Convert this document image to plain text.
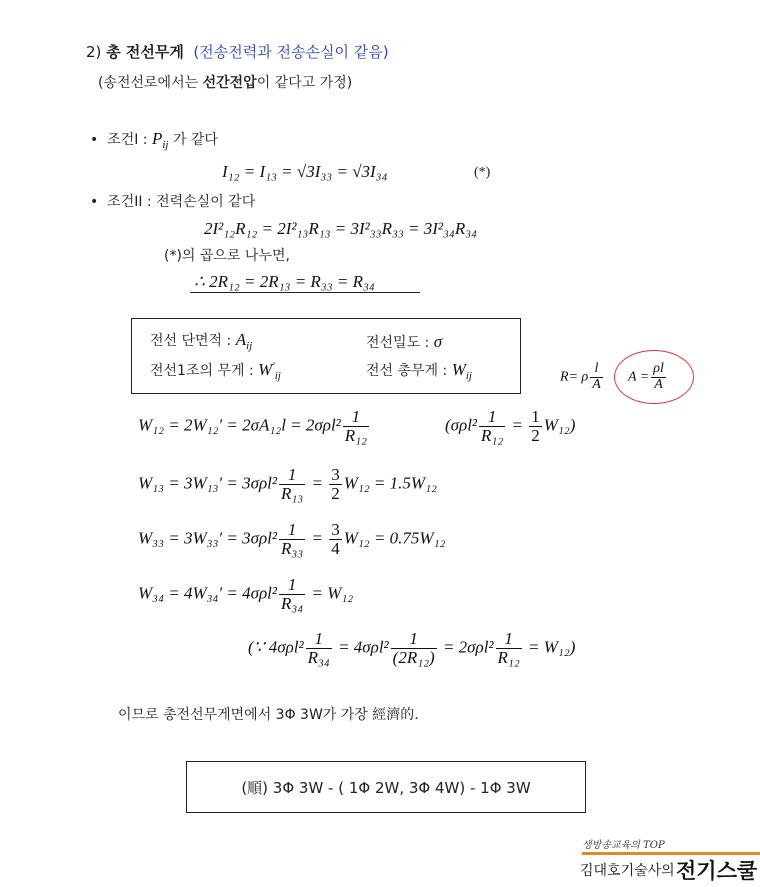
2) 총 전선무게 (전송전력과 전송손실이 같음)
(송전선로에서는 선간전압이 같다고 가정)
• 조건I : $P_{ij}$ 가 같다
I₁₂ = I₁₃ = √3I₃₃ = √3I₃₄	(*)
• 조건II : 전력손실이 같다
2I²₁₂R₁₂ = 2I²₁₃R₁₃ = 3I²₃₃R₃₃ = 3I²₃₄R₃₄
(*)의 곱으로 나누면,
∴ 2R₁₂ = 2R₁₃ = R₃₃ = R₃₄
전선 단면적 : $A_{ij}$	전선밀도 : σ
전선1조의 무게 : $W'_{ij}$	전선 총무게 : $W_{ij}$	R= ρ $\frac{l}{A}$ $A = \frac{\rho l}{A}$
$W_{12} = 2W_{12}' = 2\sigma A_{12}l = 2\sigma\rho l^2 \frac{1}{\text{R₁₂}}$	$(\sigma\rho l^2 \frac{1}{\text{R₁₂}} = \frac{1}{2} W_{12})$
$W_{13} = 3W_{13}' = 3\sigma\rho l^2 \frac{1}{\text{R₁₃}} = \frac{3}{2} W_{12} = 1.5W_{12}$
$W_{33} = 3W_{33}' = 3\sigma\rho l^2 \frac{1}{\text{R₃₃}} = \frac{3}{4} W_{12} = 0.75W_{12}$
$W_{34} = 4W_{34}' = 4\sigma\rho l^2 \frac{1}{\text{R₃₄}} = W_{12}$
(∵ $4\sigma\rho l^2 \frac{1}{\text{R₃₄}} = 4\sigma\rho l^2 \frac{1}{\text{(2R₁₂)}} = 2\sigma\rho l^2 \frac{1}{\text{R₁₂}} = W_{12}$)
이므로 총전선무게면에서 3Φ 3W가 가장 經濟的.
(順) 3Φ 3W - ( 1Φ 2W, 3Φ 4W) - 1Φ 3W
생방송교육의 TOP
김대호기술사의 전기스쿨
